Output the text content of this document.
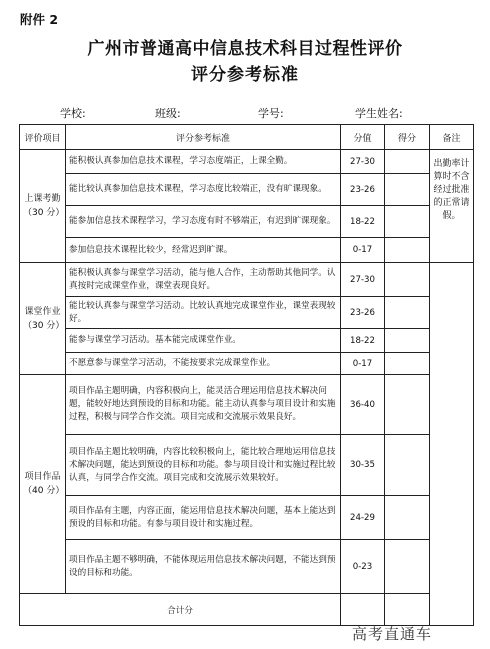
附件 2
广州市普通高中信息技术科目过程性评价
评分参考标准
学校:	班级:	学号:	学生姓名:
评价项目	评分参考标准	分值	得分	备注

上课考勤
（30 分）	能积极认真参加信息技术课程，学习态度端正，上课全勤。	27-30		出勤率计算时不含经过批准的正常请假。
	能比较认真参加信息技术课程，学习态度比较端正，没有旷课现象。	23-26		
	能参加信息技术课程学习，学习态度有时不够端正，有迟到旷课现象。	18-22		
	参加信息技术课程比较少，经常迟到旷课。	0-17		

课堂作业
（30 分）	能积极认真参与课堂学习活动，能与他人合作，主动帮助其他同学。认真按时完成课堂作业，课堂表现良好。	27-30		
	能比较认真参与课堂学习活动。比较认真地完成课堂作业，课堂表现较好。	23-26		
	能参与课堂学习活动。基本能完成课堂作业。	18-22		
	不愿意参与课堂学习活动，不能按要求完成课堂作业。	0-17		

项目作品
（40 分）	项目作品主题明确，内容积极向上，能灵活合理运用信息技术解决问题，能较好地达到预设的目标和功能。能主动认真参与项目设计和实施过程，积极与同学合作交流。项目完成和交流展示效果良好。	36-40		
	项目作品主题比较明确，内容比较积极向上，能比较合理地运用信息技术解决问题，能达到预设的目标和功能。参与项目设计和实施过程比较认真，与同学合作交流。项目完成和交流展示效果较好。	30-35		
	项目作品有主题，内容正面，能运用信息技术解决问题，基本上能达到预设的目标和功能。有参与项目设计和实施过程。	24-29		
	项目作品主题不够明确，不能体现运用信息技术解决问题，不能达到预设的目标和功能。	0-23		
合计分				
高考直通车
